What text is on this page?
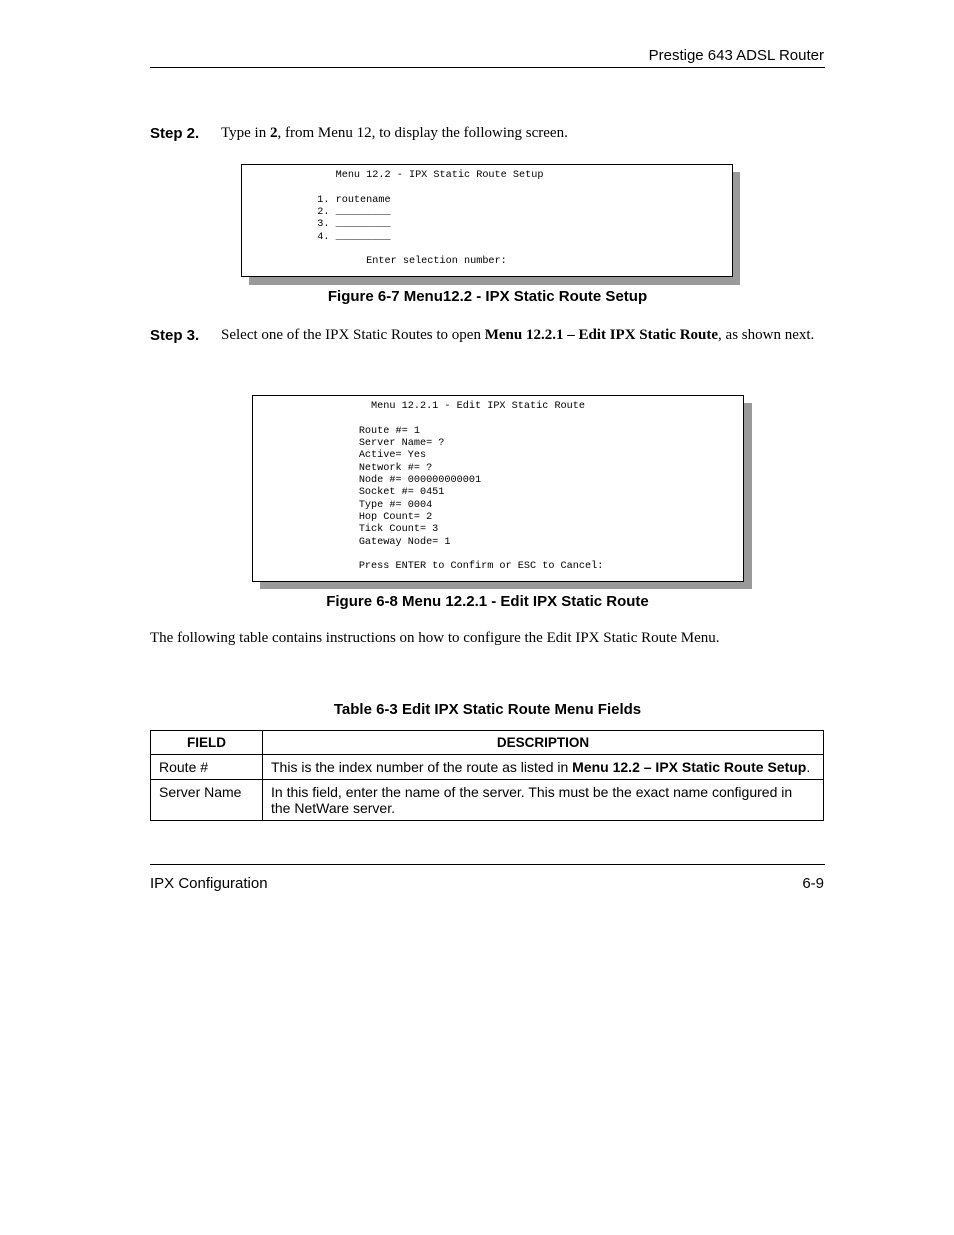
Prestige 643 ADSL Router
Step 2. Type in 2, from Menu 12, to display the following screen.
Menu 12.2 - IPX Static Route Setup

1. routename
2. _________
3. _________
4. _________

Enter selection number:
Figure 6-7 Menu12.2 - IPX Static Route Setup
Step 3. Select one of the IPX Static Routes to open Menu 12.2.1 – Edit IPX Static Route, as shown next.
Menu 12.2.1 - Edit IPX Static Route

Route #= 1
Server Name= ?
Active= Yes
Network #= ?
Node #= 000000000001
Socket #= 0451
Type #= 0004
Hop Count= 2
Tick Count= 3
Gateway Node= 1

Press ENTER to Confirm or ESC to Cancel:
Figure 6-8 Menu 12.2.1 - Edit IPX Static Route
The following table contains instructions on how to configure the Edit IPX Static Route Menu.
Table 6-3 Edit IPX Static Route Menu Fields
FIELD	DESCRIPTION
Route #	This is the index number of the route as listed in Menu 12.2 – IPX Static Route Setup.
Server Name	In this field, enter the name of the server. This must be the exact name configured in the NetWare server.
IPX Configuration	6-9
